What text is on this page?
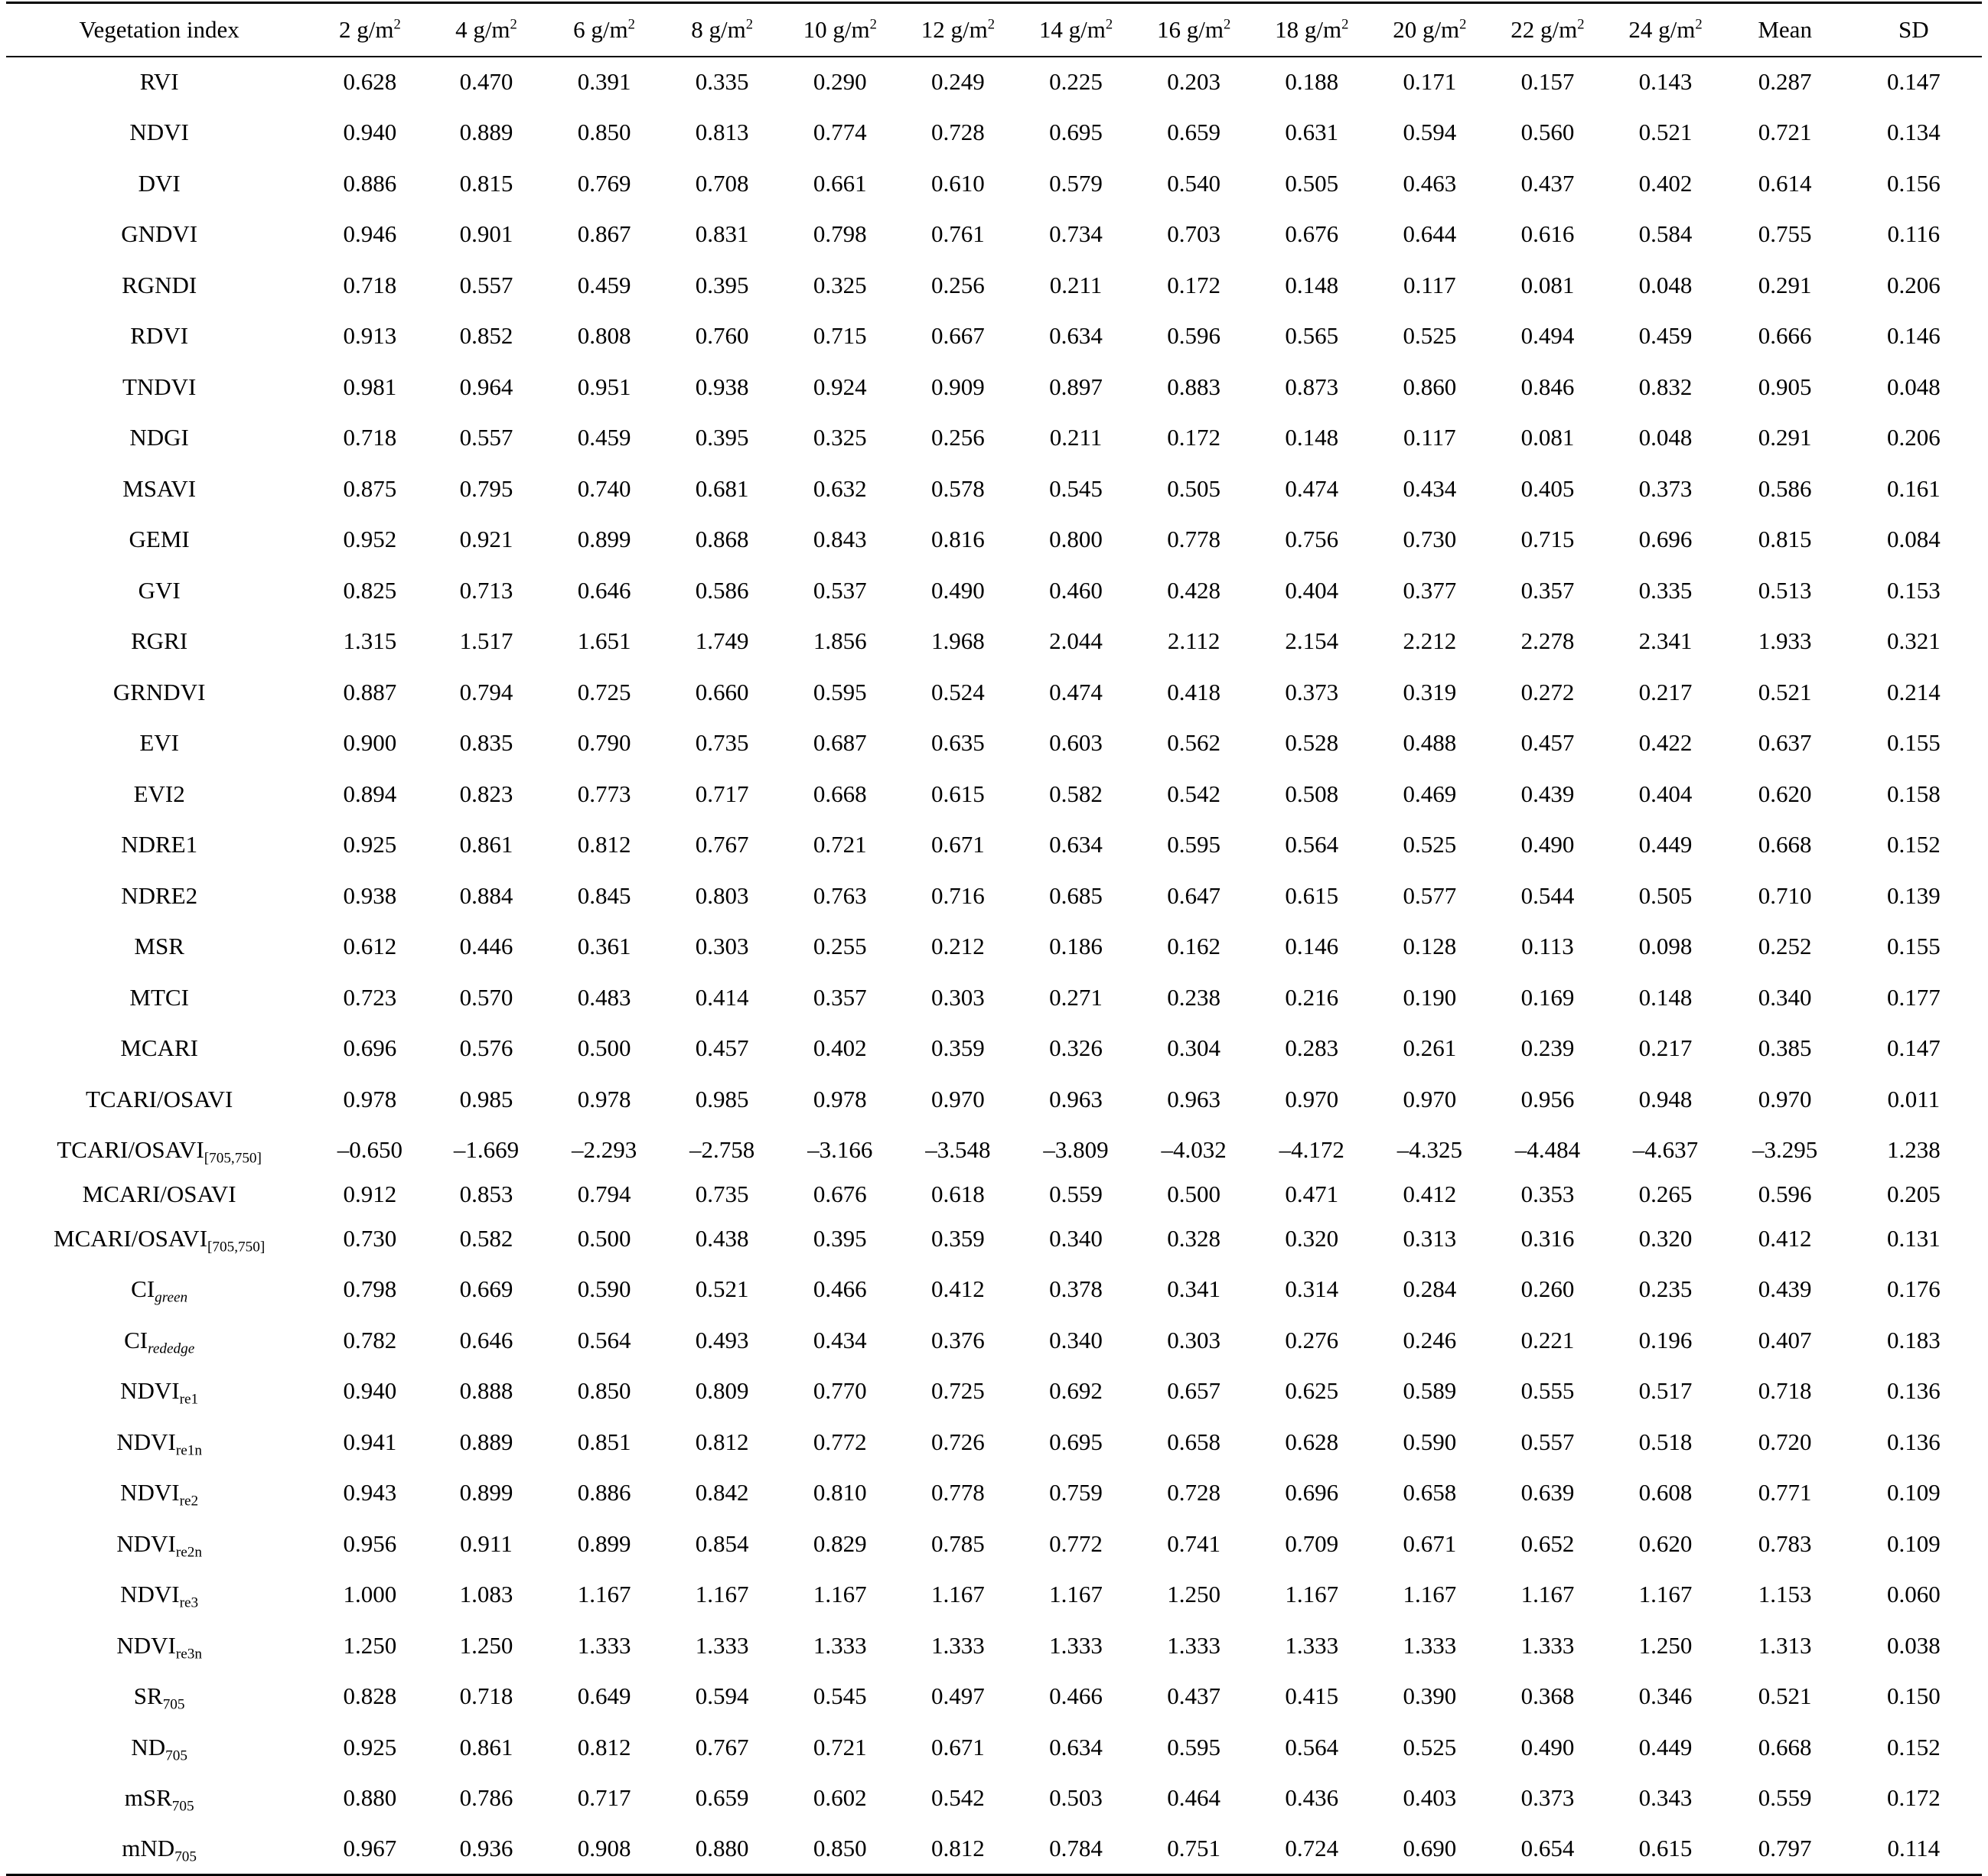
Vegetation index	2 $g/m^2$	4 $g/m^2$	6 $g/m^2$	8 $g/m^2$	10 $g/m^2$	12 $g/m^2$	14 $g/m^2$	16 $g/m^2$	18 $g/m^2$	20 $g/m^2$	22 $g/m^2$	24 $g/m^2$	Mean	SD
RVI	0.628	0.470	0.391	0.335	0.290	0.249	0.225	0.203	0.188	0.171	0.157	0.143	0.287	0.147
NDVI	0.940	0.889	0.850	0.813	0.774	0.728	0.695	0.659	0.631	0.594	0.560	0.521	0.721	0.134
DVI	0.886	0.815	0.769	0.708	0.661	0.610	0.579	0.540	0.505	0.463	0.437	0.402	0.614	0.156
GNDVI	0.946	0.901	0.867	0.831	0.798	0.761	0.734	0.703	0.676	0.644	0.616	0.584	0.755	0.116
RGNDI	0.718	0.557	0.459	0.395	0.325	0.256	0.211	0.172	0.148	0.117	0.081	0.048	0.291	0.206
RDVI	0.913	0.852	0.808	0.760	0.715	0.667	0.634	0.596	0.565	0.525	0.494	0.459	0.666	0.146
TNDVI	0.981	0.964	0.951	0.938	0.924	0.909	0.897	0.883	0.873	0.860	0.846	0.832	0.905	0.048
NDGI	0.718	0.557	0.459	0.395	0.325	0.256	0.211	0.172	0.148	0.117	0.081	0.048	0.291	0.206
MSAVI	0.875	0.795	0.740	0.681	0.632	0.578	0.545	0.505	0.474	0.434	0.405	0.373	0.586	0.161
GEMI	0.952	0.921	0.899	0.868	0.843	0.816	0.800	0.778	0.756	0.730	0.715	0.696	0.815	0.084
GVI	0.825	0.713	0.646	0.586	0.537	0.490	0.460	0.428	0.404	0.377	0.357	0.335	0.513	0.153
RGRI	1.315	1.517	1.651	1.749	1.856	1.968	2.044	2.112	2.154	2.212	2.278	2.341	1.933	0.321
GRNDVI	0.887	0.794	0.725	0.660	0.595	0.524	0.474	0.418	0.373	0.319	0.272	0.217	0.521	0.214
EVI	0.900	0.835	0.790	0.735	0.687	0.635	0.603	0.562	0.528	0.488	0.457	0.422	0.637	0.155
EVI2	0.894	0.823	0.773	0.717	0.668	0.615	0.582	0.542	0.508	0.469	0.439	0.404	0.620	0.158
NDRE1	0.925	0.861	0.812	0.767	0.721	0.671	0.634	0.595	0.564	0.525	0.490	0.449	0.668	0.152
NDRE2	0.938	0.884	0.845	0.803	0.763	0.716	0.685	0.647	0.615	0.577	0.544	0.505	0.710	0.139
MSR	0.612	0.446	0.361	0.303	0.255	0.212	0.186	0.162	0.146	0.128	0.113	0.098	0.252	0.155
MTCI	0.723	0.570	0.483	0.414	0.357	0.303	0.271	0.238	0.216	0.190	0.169	0.148	0.340	0.177
MCARI	0.696	0.576	0.500	0.457	0.402	0.359	0.326	0.304	0.283	0.261	0.239	0.217	0.385	0.147
TCARI/OSAVI	0.978	0.985	0.978	0.985	0.978	0.970	0.963	0.963	0.970	0.970	0.956	0.948	0.970	0.011
TCARI/$OSAVI_{[705,750]}$	–0.650	–1.669	–2.293	–2.758	–3.166	–3.548	–3.809	–4.032	–4.172	–4.325	–4.484	–4.637	–3.295	1.238
MCARI/OSAVI	0.912	0.853	0.794	0.735	0.676	0.618	0.559	0.500	0.471	0.412	0.353	0.265	0.596	0.205
MCARI/$OSAVI_{[705,750]}$	0.730	0.582	0.500	0.438	0.395	0.359	0.340	0.328	0.320	0.313	0.316	0.320	0.412	0.131
$CI_{green}$	0.798	0.669	0.590	0.521	0.466	0.412	0.378	0.341	0.314	0.284	0.260	0.235	0.439	0.176
$CI_{rededge}$	0.782	0.646	0.564	0.493	0.434	0.376	0.340	0.303	0.276	0.246	0.221	0.196	0.407	0.183
$NDVI_{re1}$	0.940	0.888	0.850	0.809	0.770	0.725	0.692	0.657	0.625	0.589	0.555	0.517	0.718	0.136
$NDVI_{re1n}$	0.941	0.889	0.851	0.812	0.772	0.726	0.695	0.658	0.628	0.590	0.557	0.518	0.720	0.136
$NDVI_{re2}$	0.943	0.899	0.886	0.842	0.810	0.778	0.759	0.728	0.696	0.658	0.639	0.608	0.771	0.109
$NDVI_{re2n}$	0.956	0.911	0.899	0.854	0.829	0.785	0.772	0.741	0.709	0.671	0.652	0.620	0.783	0.109
$NDVI_{re3}$	1.000	1.083	1.167	1.167	1.167	1.167	1.167	1.250	1.167	1.167	1.167	1.167	1.153	0.060
$NDVI_{re3n}$	1.250	1.250	1.333	1.333	1.333	1.333	1.333	1.333	1.333	1.333	1.333	1.250	1.313	0.038
$SR_{705}$	0.828	0.718	0.649	0.594	0.545	0.497	0.466	0.437	0.415	0.390	0.368	0.346	0.521	0.150
$ND_{705}$	0.925	0.861	0.812	0.767	0.721	0.671	0.634	0.595	0.564	0.525	0.490	0.449	0.668	0.152
mSR$_{705}$	0.880	0.786	0.717	0.659	0.602	0.542	0.503	0.464	0.436	0.403	0.373	0.343	0.559	0.172
mND$_{705}$	0.967	0.936	0.908	0.880	0.850	0.812	0.784	0.751	0.724	0.690	0.654	0.615	0.797	0.114
